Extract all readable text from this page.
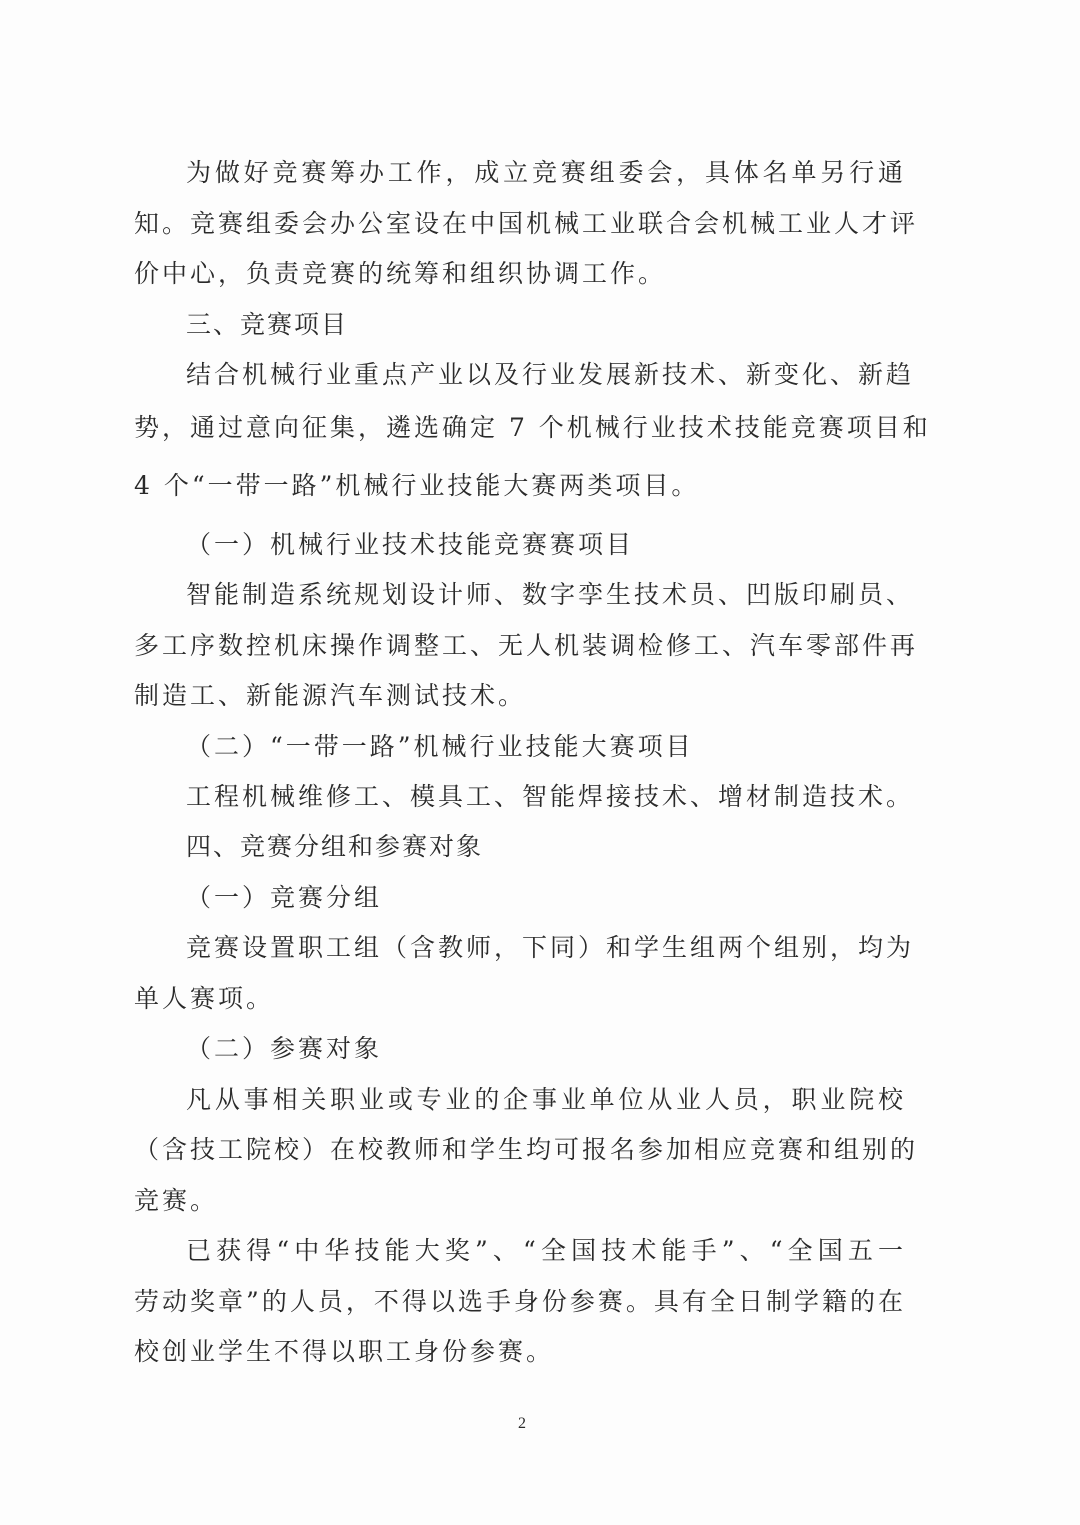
为做好竞赛筹办工作，成立竞赛组委会，具体名单另行通

知。竞赛组委会办公室设在中国机械工业联合会机械工业人才评

价中心，负责竞赛的统筹和组织协调工作。

三、竞赛项目

结合机械行业重点产业以及行业发展新技术、新变化、新趋

势，通过意向征集，遴选确定 7 个机械行业技术技能竞赛项目和

4 个“一带一路”机械行业技能大赛两类项目。

（一）机械行业技术技能竞赛赛项目

智能制造系统规划设计师、数字孪生技术员、凹版印刷员、

多工序数控机床操作调整工、无人机装调检修工、汽车零部件再

制造工、新能源汽车测试技术。

（二）“一带一路”机械行业技能大赛项目

工程机械维修工、模具工、智能焊接技术、增材制造技术。

四、竞赛分组和参赛对象

（一）竞赛分组

竞赛设置职工组（含教师，下同）和学生组两个组别，均为

单人赛项。

（二）参赛对象

凡从事相关职业或专业的企事业单位从业人员，职业院校

（含技工院校）在校教师和学生均可报名参加相应竞赛和组别的

竞赛。

已获得“中华技能大奖”、“全国技术能手”、“全国五一

劳动奖章”的人员，不得以选手身份参赛。具有全日制学籍的在

校创业学生不得以职工身份参赛。

2
